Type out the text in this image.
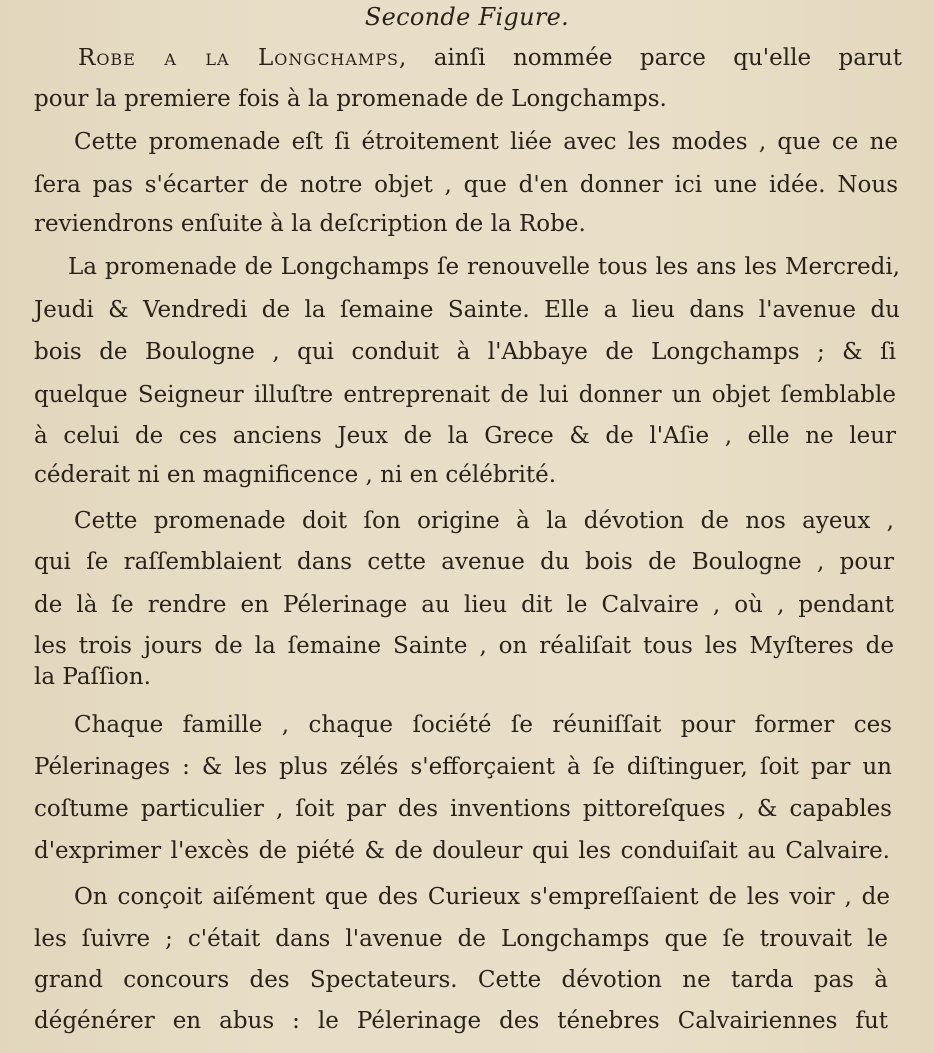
Seconde Figure.
Robe a la Longchamps, ainſi nommée parce qu'elle parut
pour la premiere fois à la promenade de Longchamps.
Cette promenade eſt ſi étroitement liée avec les modes , que ce ne
ſera pas s'écarter de notre objet , que d'en donner ici une idée. Nous
reviendrons enſuite à la deſcription de la Robe.
La promenade de Longchamps ſe renouvelle tous les ans les Mercredi,
Jeudi & Vendredi de la ſemaine Sainte. Elle a lieu dans l'avenue du
bois de Boulogne , qui conduit à l'Abbaye de Longchamps ; & ſi
quelque Seigneur illuſtre entreprenait de lui donner un objet ſemblable
à celui de ces anciens Jeux de la Grece & de l'Aſie , elle ne leur
céderait ni en magnificence , ni en célébrité.
Cette promenade doit ſon origine à la dévotion de nos ayeux ,
qui ſe raſſemblaient dans cette avenue du bois de Boulogne , pour
de là ſe rendre en Pélerinage au lieu dit le Calvaire , où , pendant
les trois jours de la ſemaine Sainte , on réaliſait tous les Myſteres de
la Paſſion.
Chaque famille , chaque ſociété ſe réuniſſait pour former ces
Pélerinages : & les plus zélés s'efforçaient à ſe diſtinguer, ſoit par un
coſtume particulier , ſoit par des inventions pittoreſques , & capables
d'exprimer l'excès de piété & de douleur qui les conduiſait au Calvaire.
On conçoit aiſément que des Curieux s'empreſſaient de les voir , de
les ſuivre ; c'était dans l'avenue de Longchamps que ſe trouvait le
grand concours des Spectateurs. Cette dévotion ne tarda pas à
dégénérer en abus : le Pélerinage des ténebres Calvairiennes fut
